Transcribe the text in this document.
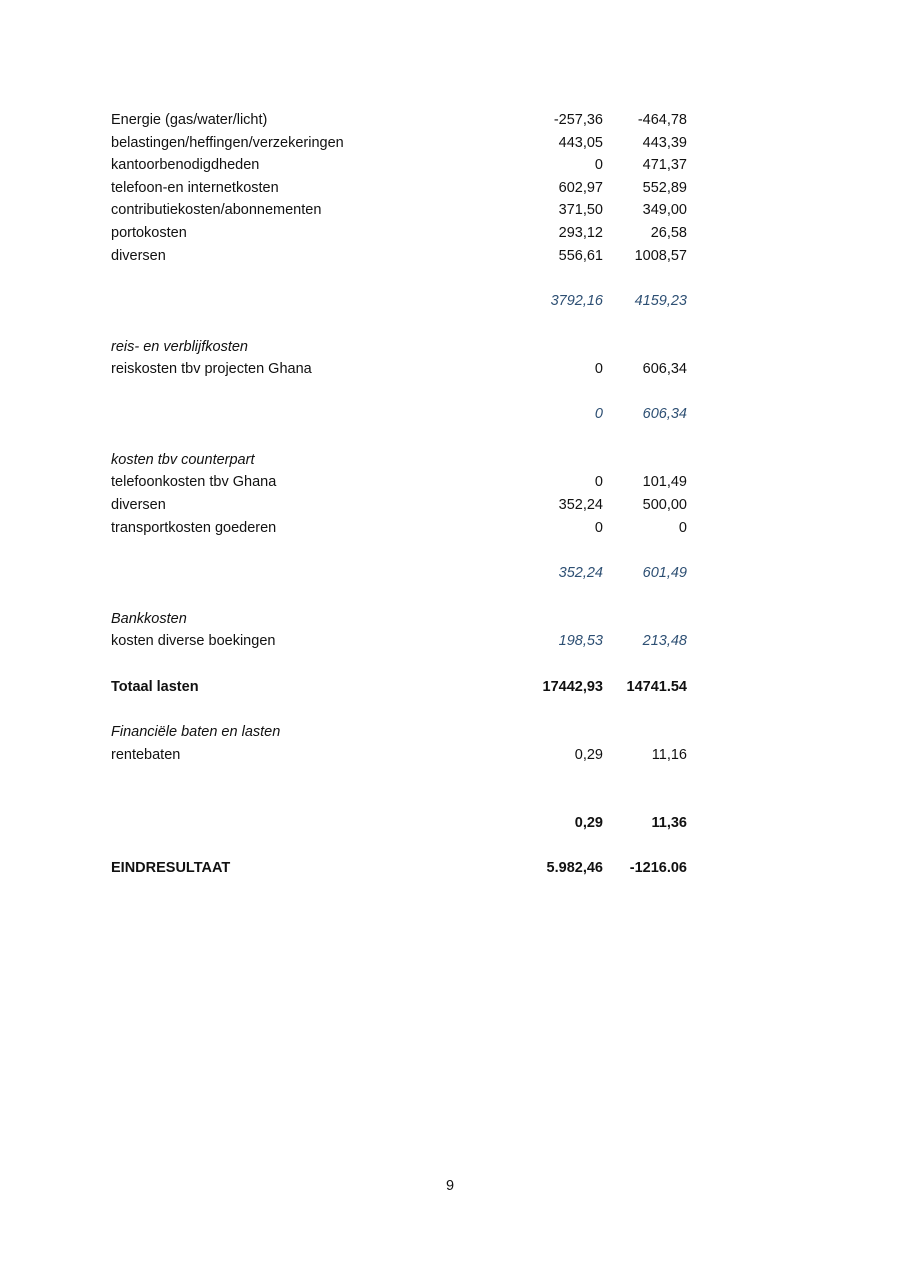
Energie (gas/water/licht)	-257,36 -464,78
belastingen/heffingen/verzekeringen	443,05	443,39
kantoorbenodigdheden	0	471,37
telefoon-en internetkosten	602,97	552,89
contributiekosten/abonnementen	371,50	349,00
portokosten	293,12	26,58
diversen	556,61 1008,57
3792,16 4159,23
reis- en verblijfkosten
reiskosten tbv projecten Ghana	0	606,34
0	606,34
kosten tbv counterpart
telefoonkosten tbv Ghana	0	101,49
diversen	352,24	500,00
transportkosten goederen	0	0
352,24	601,49
Bankkosten
kosten diverse boekingen	198,53	213,48
Totaal lasten	17442,93 14741.54
Financiële baten en lasten
rentebaten	0,29	11,16
0,29	11,36
EINDRESULTAAT	5.982,46 -1216.06
9
